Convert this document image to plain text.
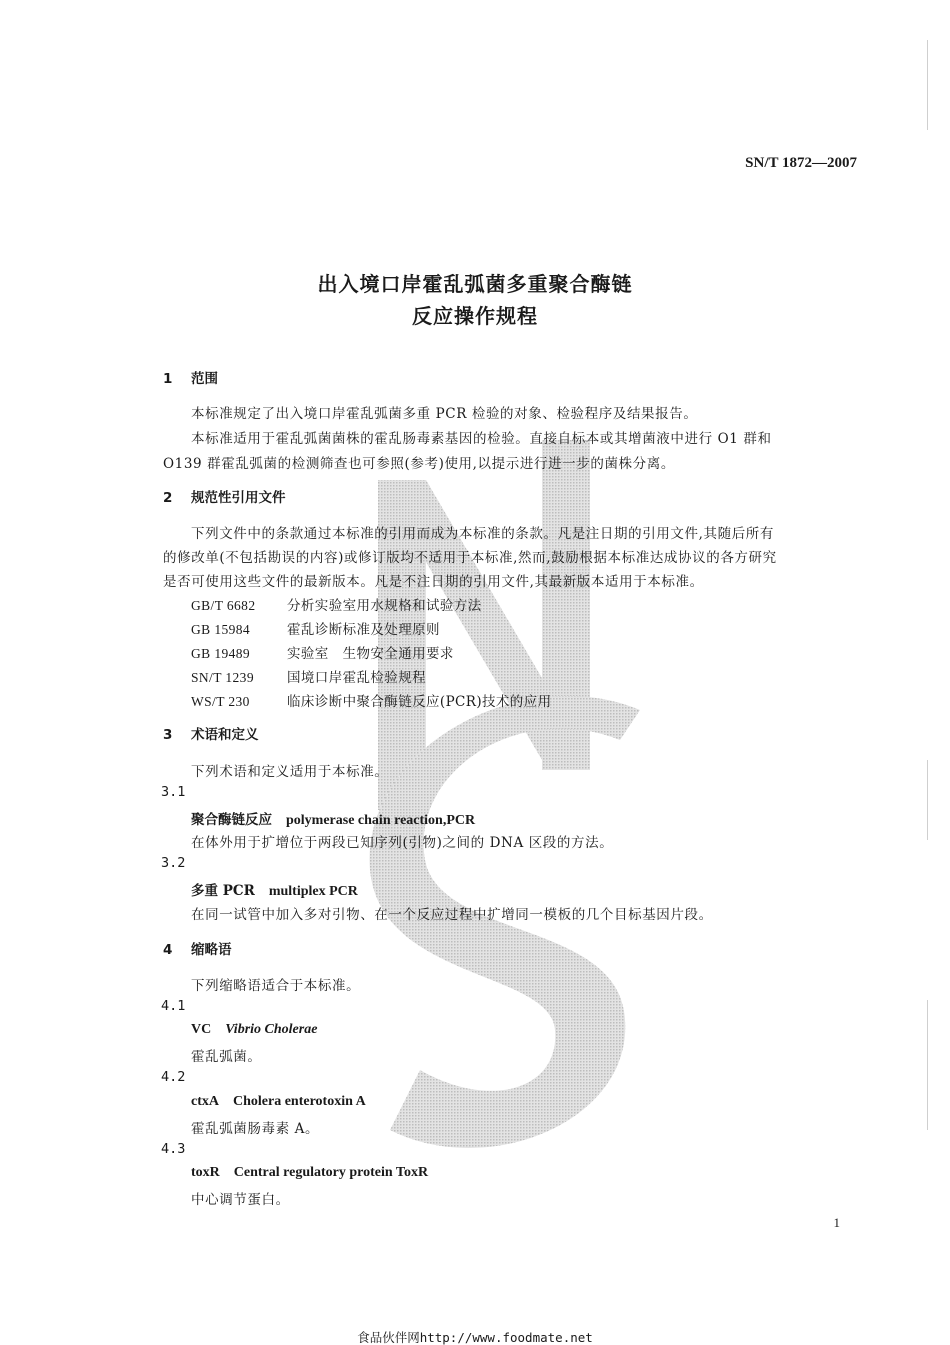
SN/T 1872—2007
出入境口岸霍乱弧菌多重聚合酶链
反应操作规程
1 范围
本标准规定了出入境口岸霍乱弧菌多重 PCR 检验的对象、检验程序及结果报告。
本标准适用于霍乱弧菌菌株的霍乱肠毒素基因的检验。直接自标本或其增菌液中进行 O1 群和
O139 群霍乱弧菌的检测筛查也可参照(参考)使用,以提示进行进一步的菌株分离。
2 规范性引用文件
下列文件中的条款通过本标准的引用而成为本标准的条款。凡是注日期的引用文件,其随后所有
的修改单(不包括勘误的内容)或修订版均不适用于本标准,然而,鼓励根据本标准达成协议的各方研究
是否可使用这些文件的最新版本。凡是不注日期的引用文件,其最新版本适用于本标准。
GB/T 6682 分析实验室用水规格和试验方法
GB 15984	霍乱诊断标准及处理原则
GB 19489	实验室　生物安全通用要求
SN/T 1239 国境口岸霍乱检验规程
WS/T 230	临床诊断中聚合酶链反应(PCR)技术的应用
3 术语和定义
下列术语和定义适用于本标准。
3.1
聚合酶链反应 polymerase chain reaction,PCR
在体外用于扩增位于两段已知序列(引物)之间的 DNA 区段的方法。
3.2
多重 PCR multiplex PCR
在同一试管中加入多对引物、在一个反应过程中扩增同一模板的几个目标基因片段。
4 缩略语
下列缩略语适合于本标准。
4.1
VC Vibrio Cholerae
霍乱弧菌。
4.2
ctxA Cholera enterotoxin A
霍乱弧菌肠毒素 A。
4.3
toxR Central regulatory protein ToxR
中心调节蛋白。
1
食品伙伴网http://www.foodmate.net
